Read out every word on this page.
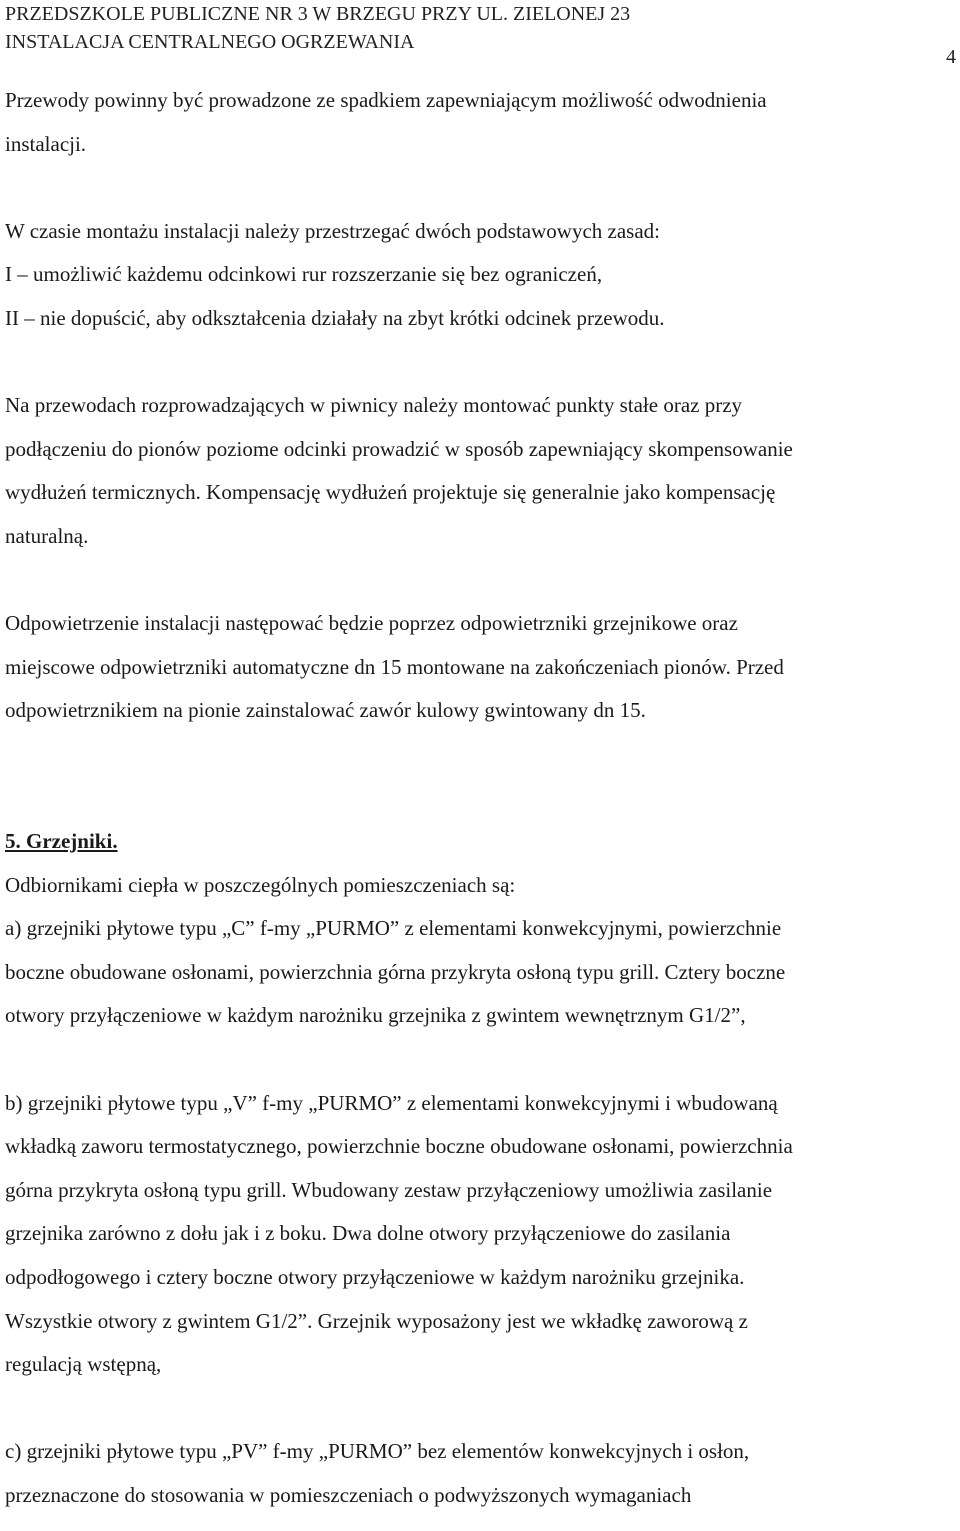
PRZEDSZKOLE PUBLICZNE NR 3 W BRZEGU PRZY UL. ZIELONEJ 23
INSTALACJA CENTRALNEGO OGRZEWANIA
4

Przewody powinny być prowadzone ze spadkiem zapewniającym możliwość odwodnienia

instalacji.

W czasie montażu instalacji należy przestrzegać dwóch podstawowych zasad:

I – umożliwić każdemu odcinkowi rur rozszerzanie się bez ograniczeń,

II – nie dopuścić, aby odkształcenia działały na zbyt krótki odcinek przewodu.

Na przewodach rozprowadzających w piwnicy należy montować punkty stałe oraz przy

podłączeniu do pionów poziome odcinki prowadzić w sposób zapewniający skompensowanie

wydłużeń termicznych. Kompensację wydłużeń projektuje się generalnie jako kompensację

naturalną.

Odpowietrzenie instalacji następować będzie poprzez odpowietrzniki grzejnikowe oraz

miejscowe odpowietrzniki automatyczne dn 15 montowane na zakończeniach pionów. Przed

odpowietrznikiem na pionie zainstalować zawór kulowy gwintowany dn 15.

5. Grzejniki.

Odbiornikami ciepła w poszczególnych pomieszczeniach są:

a) grzejniki płytowe typu „C” f-my „PURMO” z elementami konwekcyjnymi, powierzchnie

boczne obudowane osłonami, powierzchnia górna przykryta osłoną typu grill. Cztery boczne

otwory przyłączeniowe w każdym narożniku grzejnika z gwintem wewnętrznym G1/2”,

b) grzejniki płytowe typu „V” f-my „PURMO” z elementami konwekcyjnymi i wbudowaną

wkładką zaworu termostatycznego, powierzchnie boczne obudowane osłonami, powierzchnia

górna przykryta osłoną typu grill. Wbudowany zestaw przyłączeniowy umożliwia zasilanie

grzejnika zarówno z dołu jak i z boku. Dwa dolne otwory przyłączeniowe do zasilania

odpodłogowego i cztery boczne otwory przyłączeniowe w każdym narożniku grzejnika.

Wszystkie otwory z gwintem G1/2”. Grzejnik wyposażony jest we wkładkę zaworową z

regulacją wstępną,

c) grzejniki płytowe typu „PV” f-my „PURMO” bez elementów konwekcyjnych i osłon,

przeznaczone do stosowania w pomieszczeniach o podwyższonych wymaganiach
